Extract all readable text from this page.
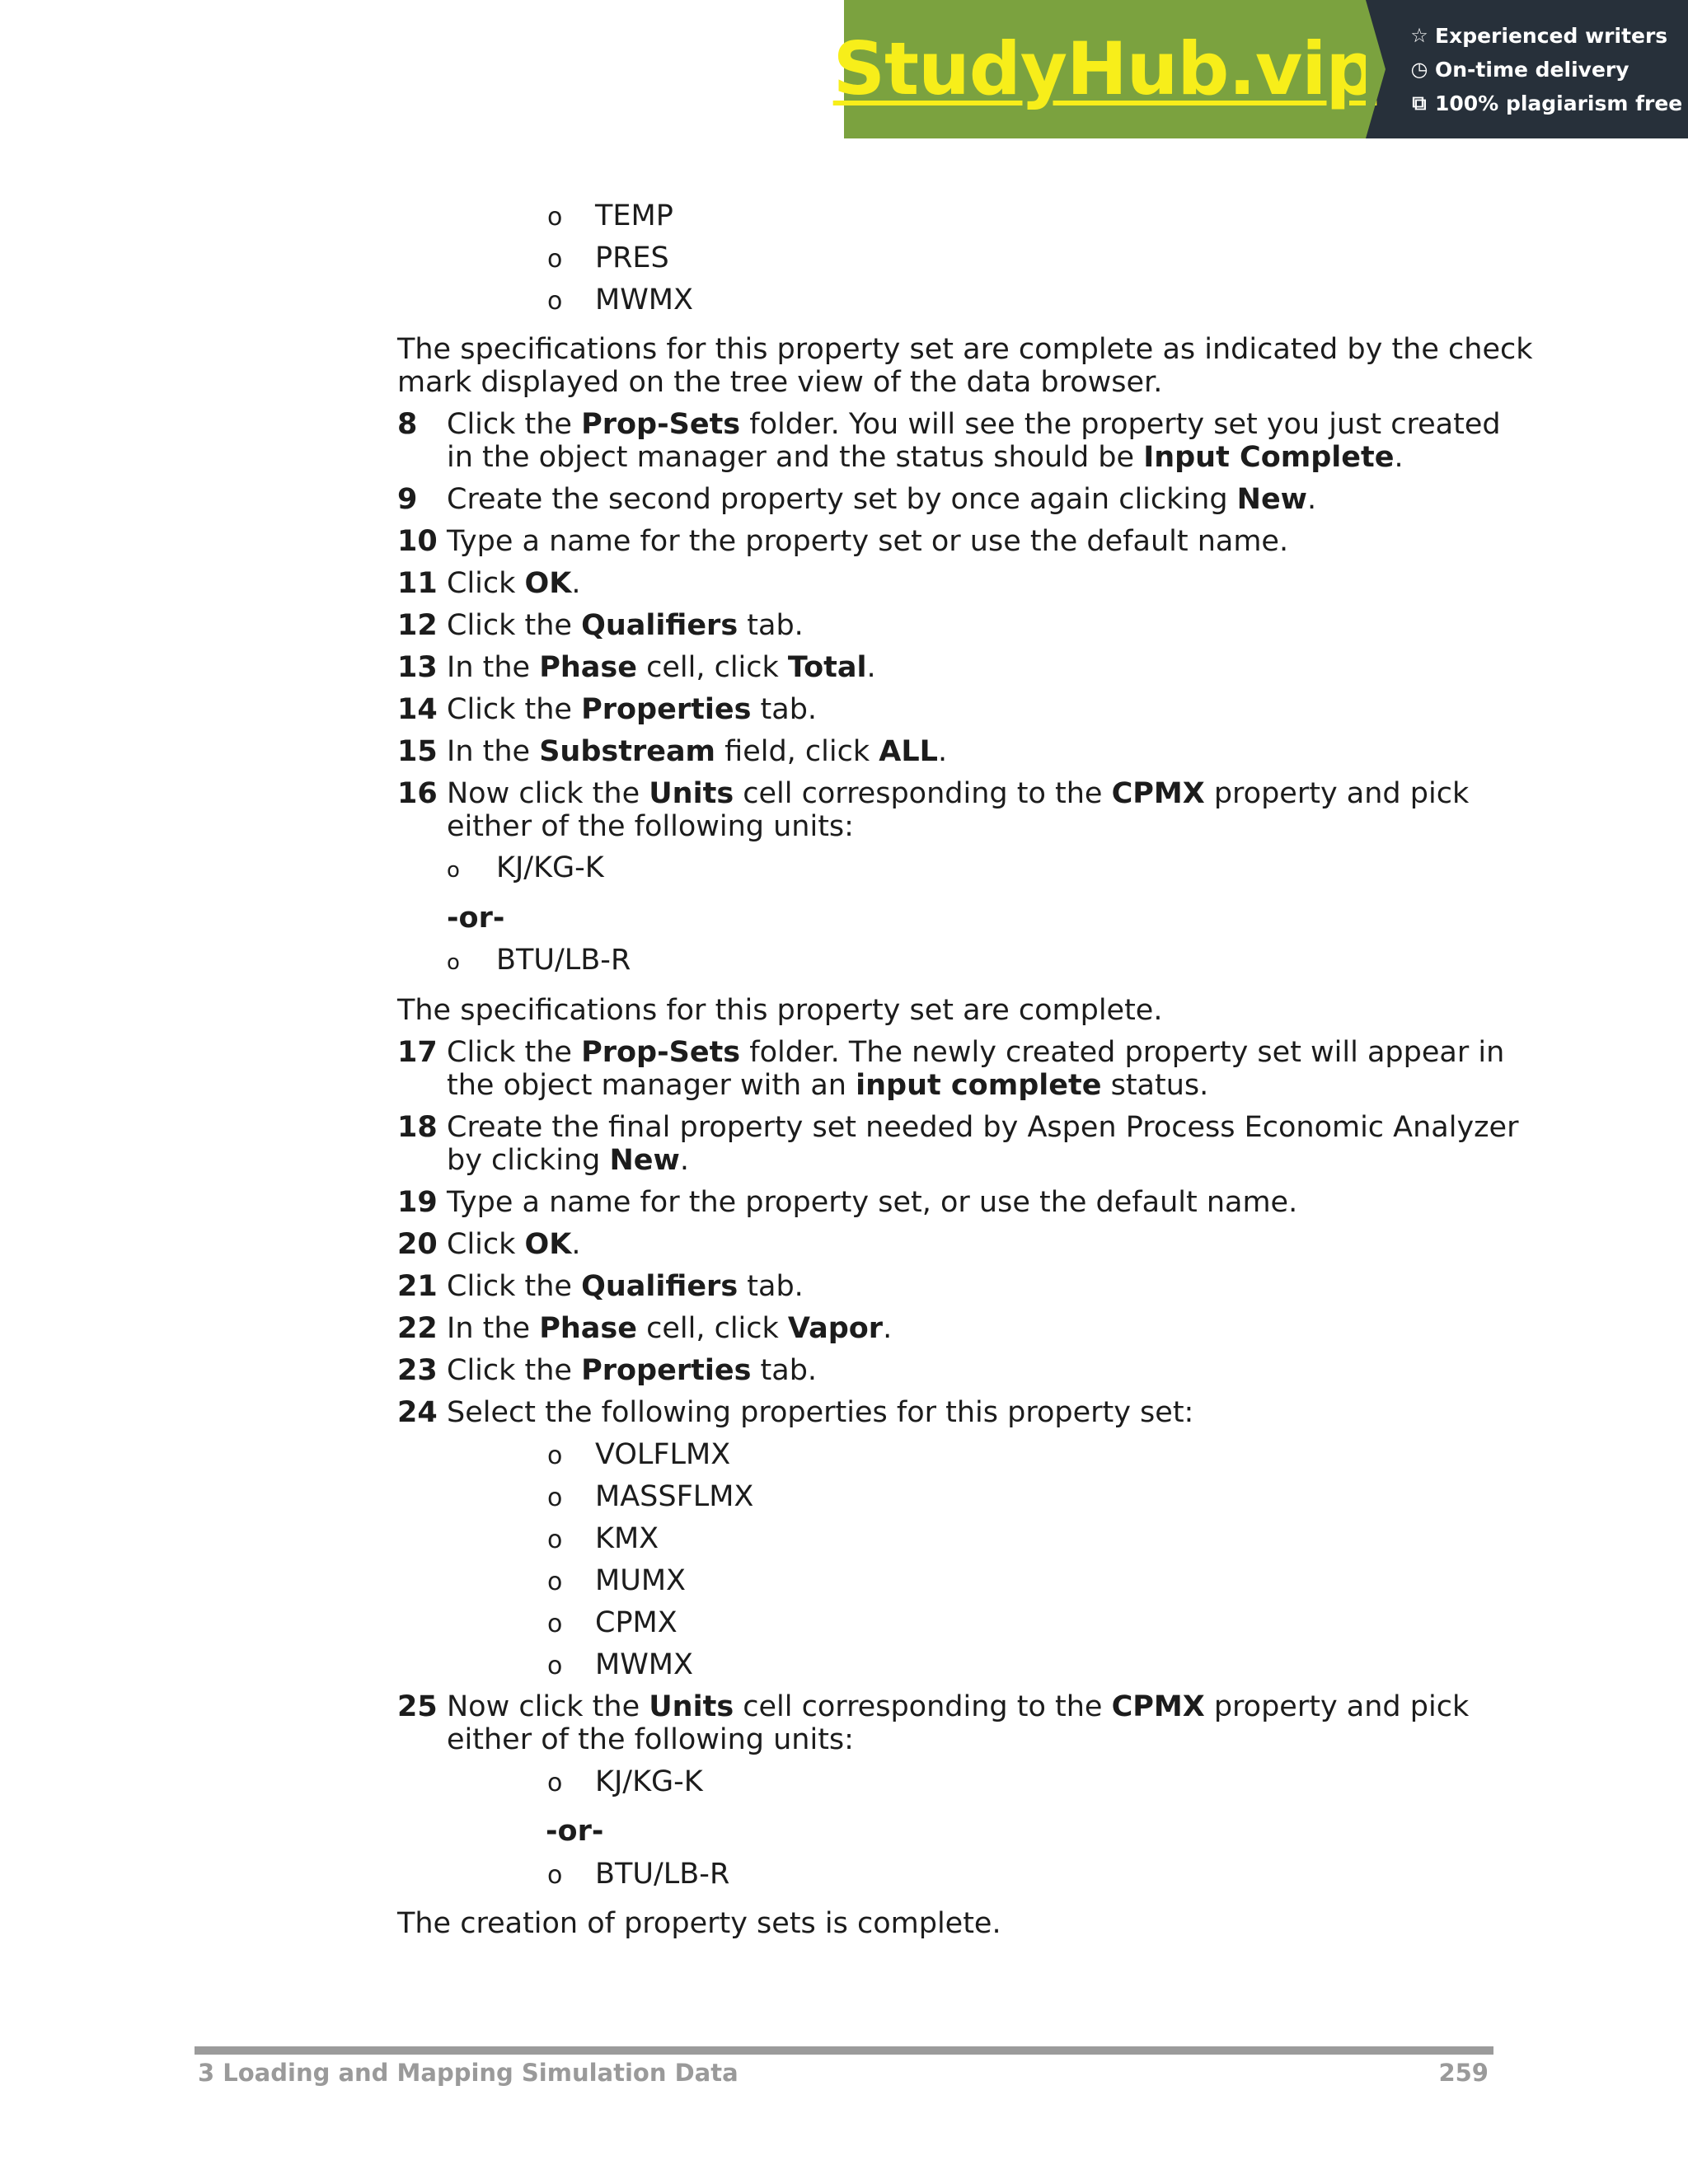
StudyHub.vip ☆ Experienced writers
◷ On-time delivery
⧉ 100% plagiarism free
o TEMP
o PRES
o MWMX
The specifications for this property set are complete as indicated by the check
mark displayed on the tree view of the data browser.
8 Click the Prop-Sets folder. You will see the property set you just created
in the object manager and the status should be Input Complete.
9 Create the second property set by once again clicking New.
10 Type a name for the property set or use the default name.
11 Click OK.
12 Click the Qualifiers tab.
13 In the Phase cell, click Total.
14 Click the Properties tab.
15 In the Substream field, click ALL.
16 Now click the Units cell corresponding to the CPMX property and pick
either of the following units:
o KJ/KG-K
-or-
o BTU/LB-R
The specifications for this property set are complete.
17 Click the Prop-Sets folder. The newly created property set will appear in
the object manager with an input complete status.
18 Create the final property set needed by Aspen Process Economic Analyzer
by clicking New.
19 Type a name for the property set, or use the default name.
20 Click OK.
21 Click the Qualifiers tab.
22 In the Phase cell, click Vapor.
23 Click the Properties tab.
24 Select the following properties for this property set:
o VOLFLMX
o MASSFLMX
o KMX
o MUMX
o CPMX
o MWMX
25 Now click the Units cell corresponding to the CPMX property and pick
either of the following units:
o KJ/KG-K
-or-
o BTU/LB-R
The creation of property sets is complete.
3 Loading and Mapping Simulation Data	259
